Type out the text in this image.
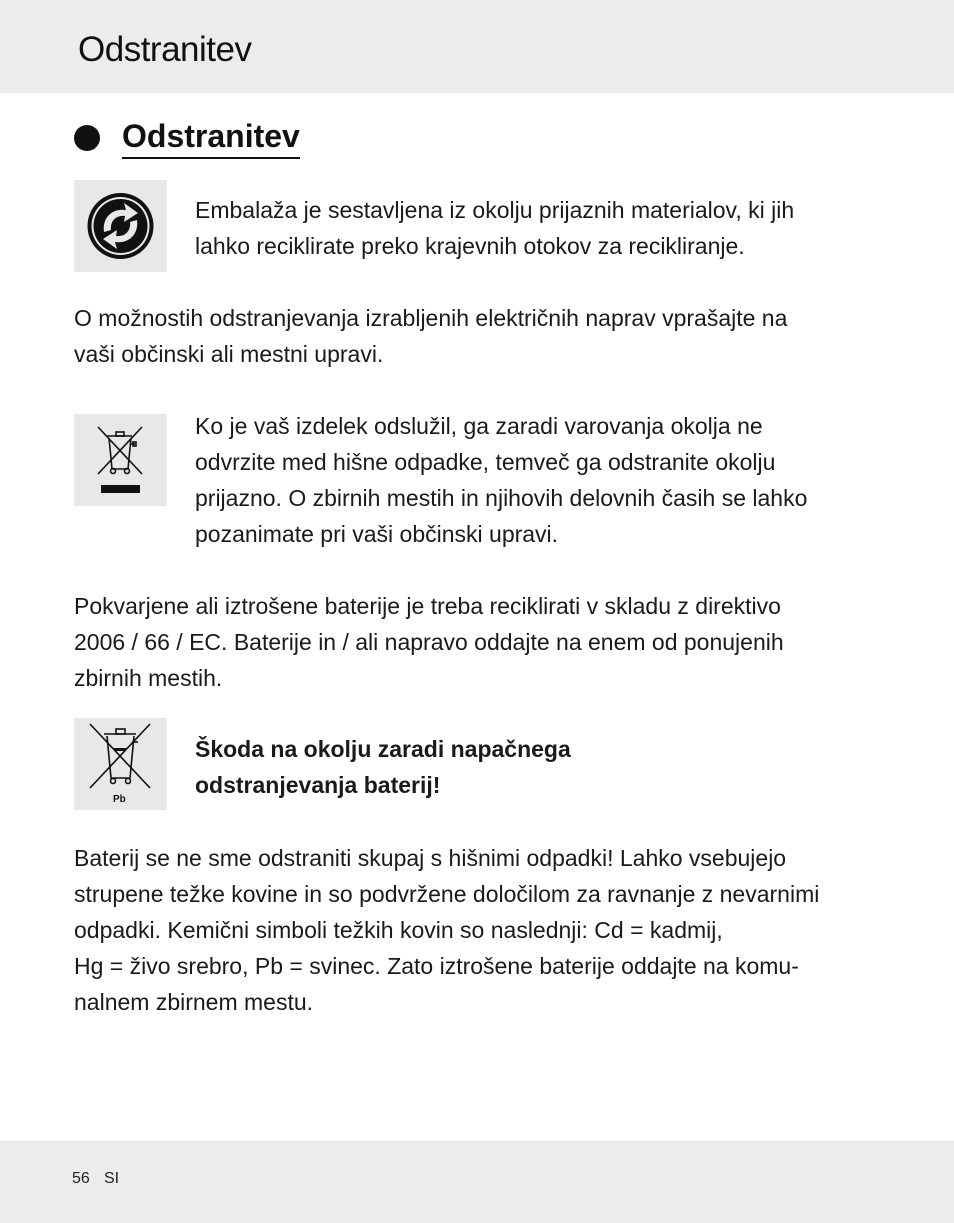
Odstranitev
Odstranitev
Embalaža je sestavljena iz okolju prijaznih materialov, ki jih
lahko reciklirate preko krajevnih otokov za recikliranje.
O možnostih odstranjevanja izrabljenih električnih naprav vprašajte na
vaši občinski ali mestni upravi.
Ko je vaš izdelek odslužil, ga zaradi varovanja okolja ne
odvrzite med hišne odpadke, temveč ga odstranite okolju
prijazno. O zbirnih mestih in njihovih delovnih časih se lahko
pozanimate pri vaši občinski upravi.
Pokvarjene ali iztrošene baterije je treba reciklirati v skladu z direktivo
2006 / 66 / EC. Baterije in / ali napravo oddajte na enem od ponujenih
zbirnih mestih.
Pb
Škoda na okolju zaradi napačnega
odstranjevanja baterij!
Baterij se ne sme odstraniti skupaj s hišnimi odpadki! Lahko vsebujejo
strupene težke kovine in so podvržene določilom za ravnanje z nevarnimi
odpadki. Kemični simboli težkih kovin so naslednji: Cd = kadmij,
Hg = živo srebro, Pb = svinec. Zato iztrošene baterije oddajte na komu-
nalnem zbirnem mestu.
56 SI
